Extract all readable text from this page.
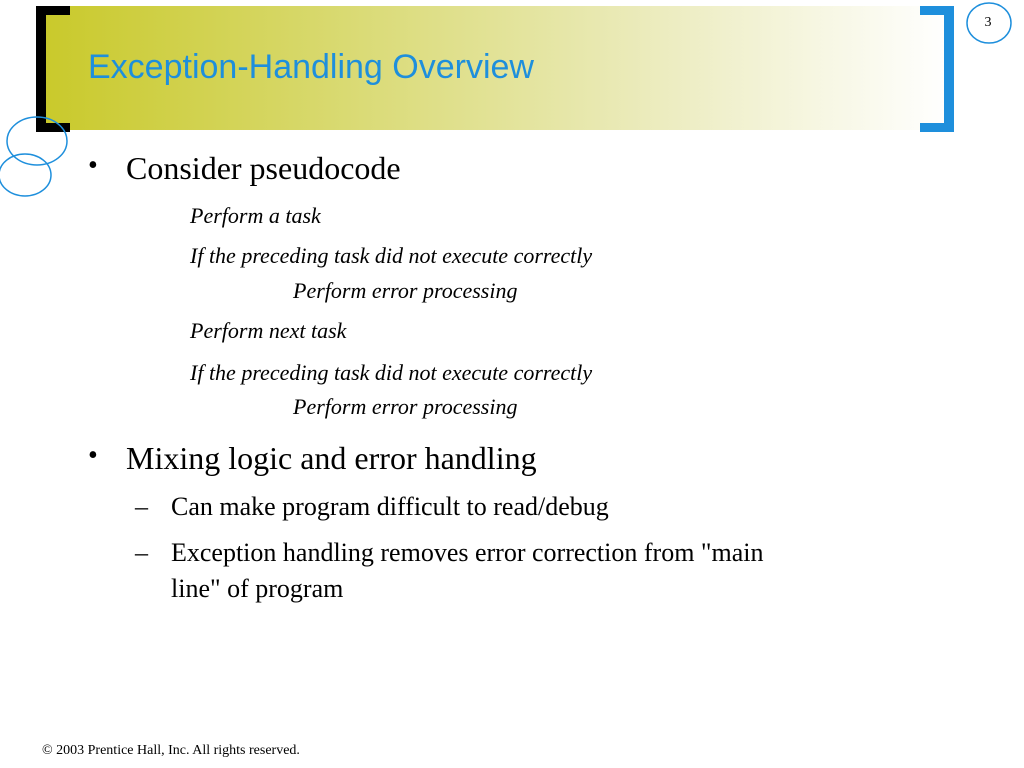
3
Exception-Handling Overview
• Consider pseudocode
Perform a task
If the preceding task did not execute correctly
Perform error processing
Perform next task
If the preceding task did not execute correctly
Perform error processing
• Mixing logic and error handling
– Can make program difficult to read/debug
– Exception handling removes error correction from "main
line" of program
© 2003 Prentice Hall, Inc. All rights reserved.
